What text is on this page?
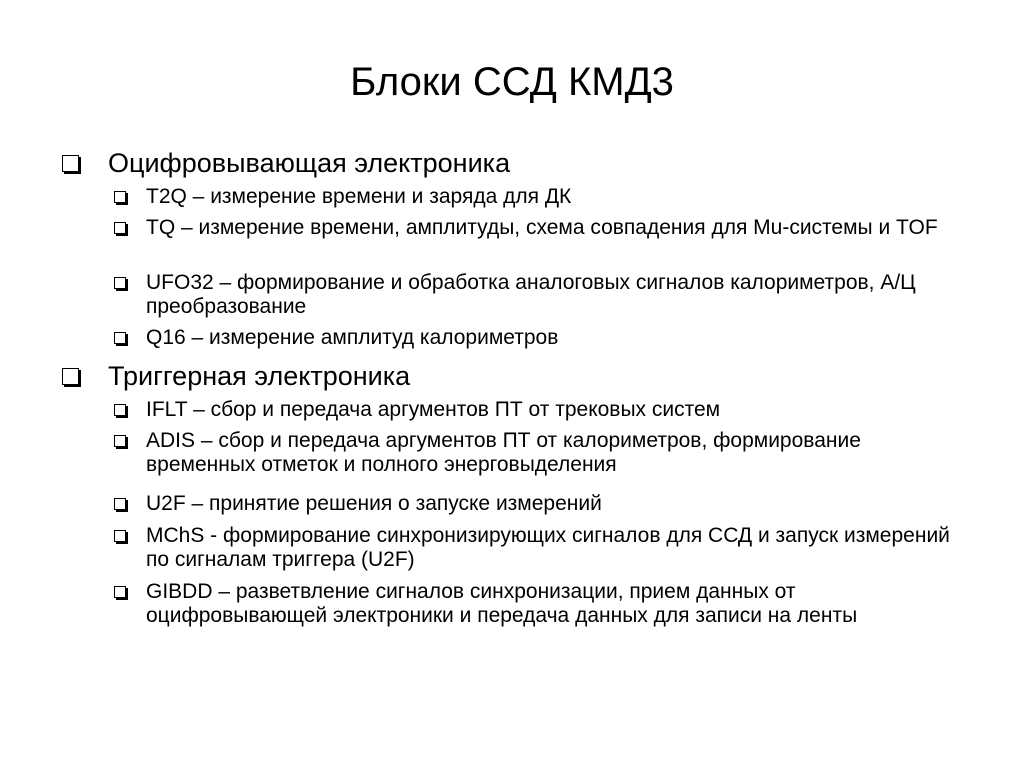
Блоки ССД КМД3
Оцифровывающая электроника
T2Q – измерение времени и заряда для ДК
TQ – измерение времени, амплитуды, схема совпадения для Mu-системы и TOF
UFO32 – формирование и обработка аналоговых сигналов калориметров, А/Ц преобразование
Q16 – измерение амплитуд калориметров
Триггерная электроника
IFLT – сбор и передача аргументов ПТ от трековых систем
ADIS – сбор и передача аргументов ПТ от калориметров, формирование временных отметок и полного энерговыделения
U2F – принятие решения о запуске измерений
MChS - формирование синхронизирующих сигналов для ССД и запуск измерений по сигналам триггера (U2F)
GIBDD – разветвление сигналов синхронизации, прием данных от оцифровывающей электроники и передача данных для записи на ленты
